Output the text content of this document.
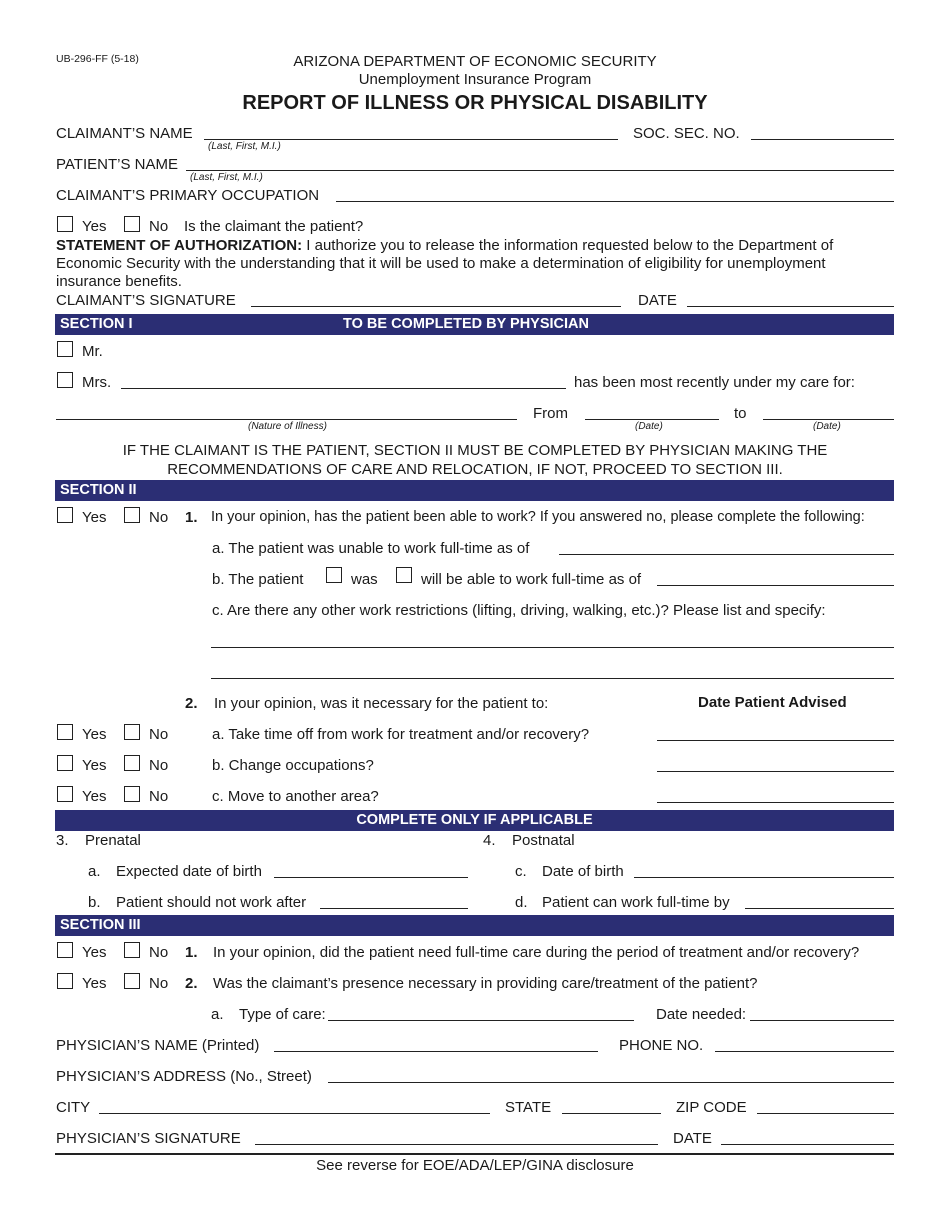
UB-296-FF (5-18)	ARIZONA DEPARTMENT OF ECONOMIC SECURITY
Unemployment Insurance Program
REPORT OF ILLNESS OR PHYSICAL DISABILITY
CLAIMANT’S NAME
(Last, First, M.I.)
SOC. SEC. NO.
PATIENT’S NAME
(Last, First, M.I.)
CLAIMANT’S PRIMARY OCCUPATION
Yes	No Is the claimant the patient?
STATEMENT OF AUTHORIZATION: I authorize you to release the information requested below to the Department of
Economic Security with the understanding that it will be used to make a determination of eligibility for unemployment
insurance benefits.
CLAIMANT’S SIGNATURE	DATE
SECTION I	TO BE COMPLETED BY PHYSICIAN
Mr.
Mrs.	has been most recently under my care for:
(Nature of Illness)
From
(Date)
to
(Date)
IF THE CLAIMANT IS THE PATIENT, SECTION II MUST BE COMPLETED BY PHYSICIAN MAKING THE
RECOMMENDATIONS OF CARE AND RELOCATION, IF NOT, PROCEED TO SECTION III.
SECTION II
Yes	No 1. In your opinion, has the patient been able to work? If you answered no, please complete the following:
a. The patient was unable to work full-time as of
b. The patient	was	will be able to work full-time as of
c. Are there any other work restrictions (lifting, driving, walking, etc.)? Please list and specify:
2. In your opinion, was it necessary for the patient to:	Date Patient Advised
Yes	No	a. Take time off from work for treatment and/or recovery?
Yes	No	b. Change occupations?
Yes	No	c. Move to another area?
COMPLETE ONLY IF APPLICABLE
3. Prenatal	4. Postnatal
a. Expected date of birth	c. Date of birth
b. Patient should not work after	d. Patient can work full-time by
SECTION III
Yes	No 1. In your opinion, did the patient need full-time care during the period of treatment and/or recovery?
Yes	No 2. Was the claimant’s presence necessary in providing care/treatment of the patient?
a. Type of care:	Date needed:
PHYSICIAN’S NAME (Printed)	PHONE NO.
PHYSICIAN’S ADDRESS (No., Street)
CITY	STATE	ZIP CODE
PHYSICIAN’S SIGNATURE	DATE
See reverse for EOE/ADA/LEP/GINA disclosure
